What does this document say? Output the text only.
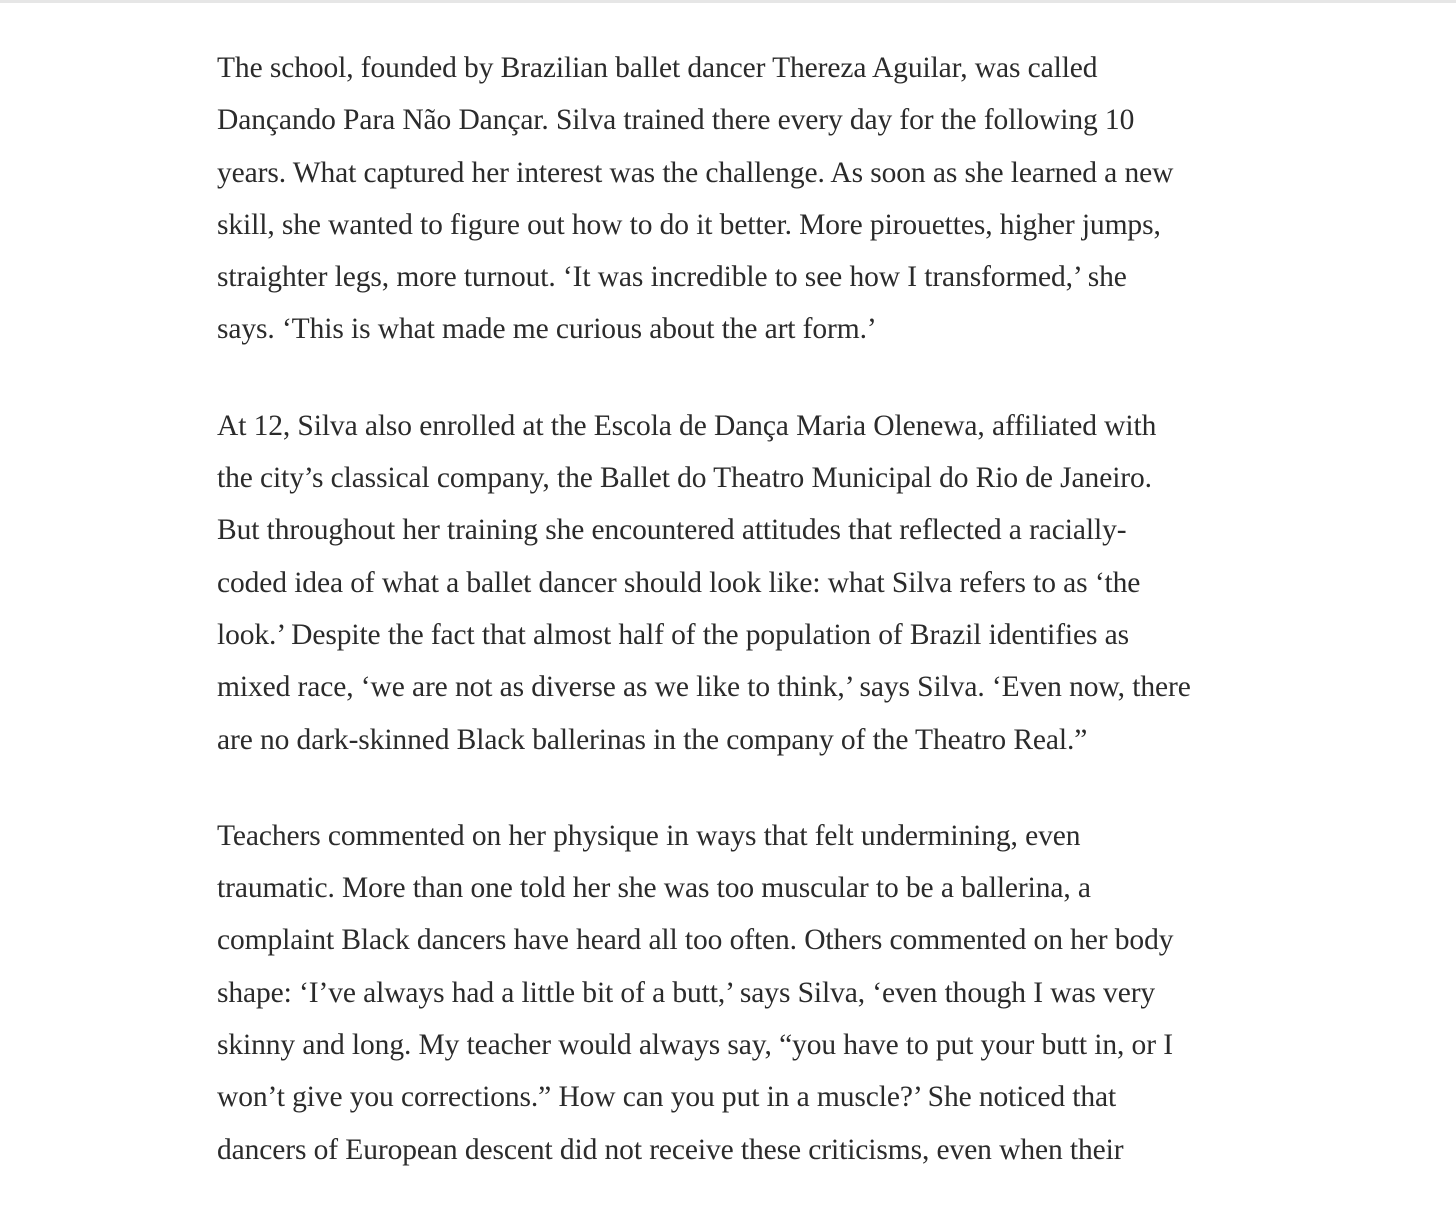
The school, founded by Brazilian ballet dancer Thereza Aguilar, was called
Dançando Para Não Dançar. Silva trained there every day for the following 10
years. What captured her interest was the challenge. As soon as she learned a new
skill, she wanted to figure out how to do it better. More pirouettes, higher jumps,
straighter legs, more turnout. ‘It was incredible to see how I transformed,’ she
says. ‘This is what made me curious about the art form.’

At 12, Silva also enrolled at the Escola de Dança Maria Olenewa, affiliated with
the city’s classical company, the Ballet do Theatro Municipal do Rio de Janeiro.
But throughout her training she encountered attitudes that reflected a racially-
coded idea of what a ballet dancer should look like: what Silva refers to as ‘the
look.’ Despite the fact that almost half of the population of Brazil identifies as
mixed race, ‘we are not as diverse as we like to think,’ says Silva. ‘Even now, there
are no dark-skinned Black ballerinas in the company of the Theatro Real.”

Teachers commented on her physique in ways that felt undermining, even
traumatic. More than one told her she was too muscular to be a ballerina, a
complaint Black dancers have heard all too often. Others commented on her body
shape: ‘I’ve always had a little bit of a butt,’ says Silva, ‘even though I was very
skinny and long. My teacher would always say, “you have to put your butt in, or I
won’t give you corrections.” How can you put in a muscle?’ She noticed that
dancers of European descent did not receive these criticisms, even when their
